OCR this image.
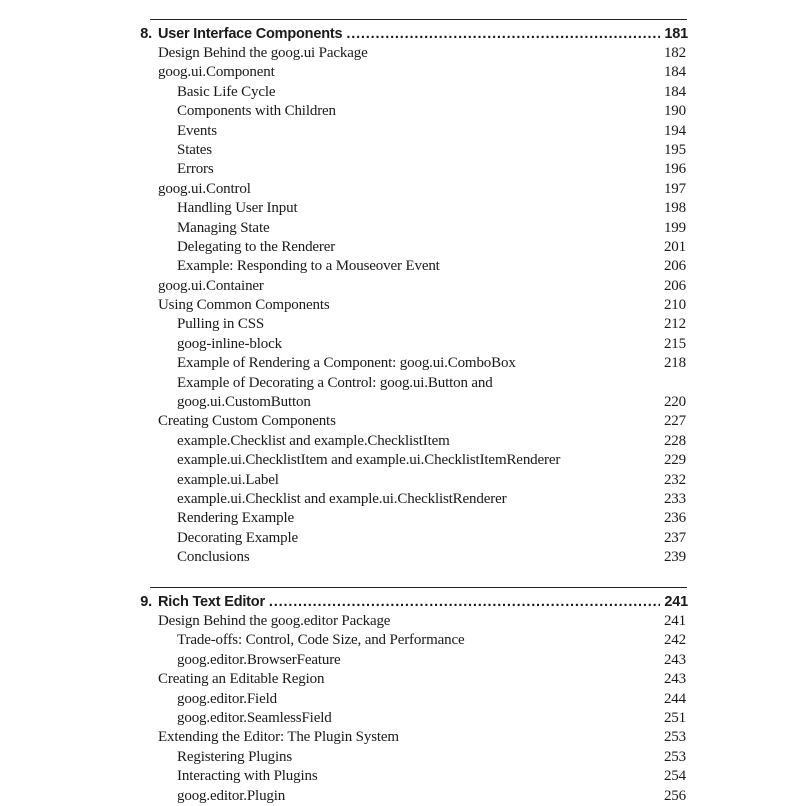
8. User Interface Components . . .	181
Design Behind the goog.ui Package	182
goog.ui.Component	184
Basic Life Cycle	184
Components with Children	190
Events	194
States	195
Errors	196
goog.ui.Control	197
Handling User Input	198
Managing State	199
Delegating to the Renderer	201
Example: Responding to a Mouseover Event	206
goog.ui.Container	206
Using Common Components	210
Pulling in CSS	212
goog-inline-block	215
Example of Rendering a Component: goog.ui.ComboBox	218
Example of Decorating a Control: goog.ui.Button and
goog.ui.CustomButton	220
Creating Custom Components	227
example.Checklist and example.ChecklistItem	228
example.ui.ChecklistItem and example.ui.ChecklistItemRenderer	229
example.ui.Label	232
example.ui.Checklist and example.ui.ChecklistRenderer	233
Rendering Example	236
Decorating Example	237
Conclusions	239
9. Rich Text Editor . . .	241
Design Behind the goog.editor Package	241
Trade-offs: Control, Code Size, and Performance	242
goog.editor.BrowserFeature	243
Creating an Editable Region	243
goog.editor.Field	244
goog.editor.SeamlessField	251
Extending the Editor: The Plugin System	253
Registering Plugins	253
Interacting with Plugins	254
goog.editor.Plugin	256
